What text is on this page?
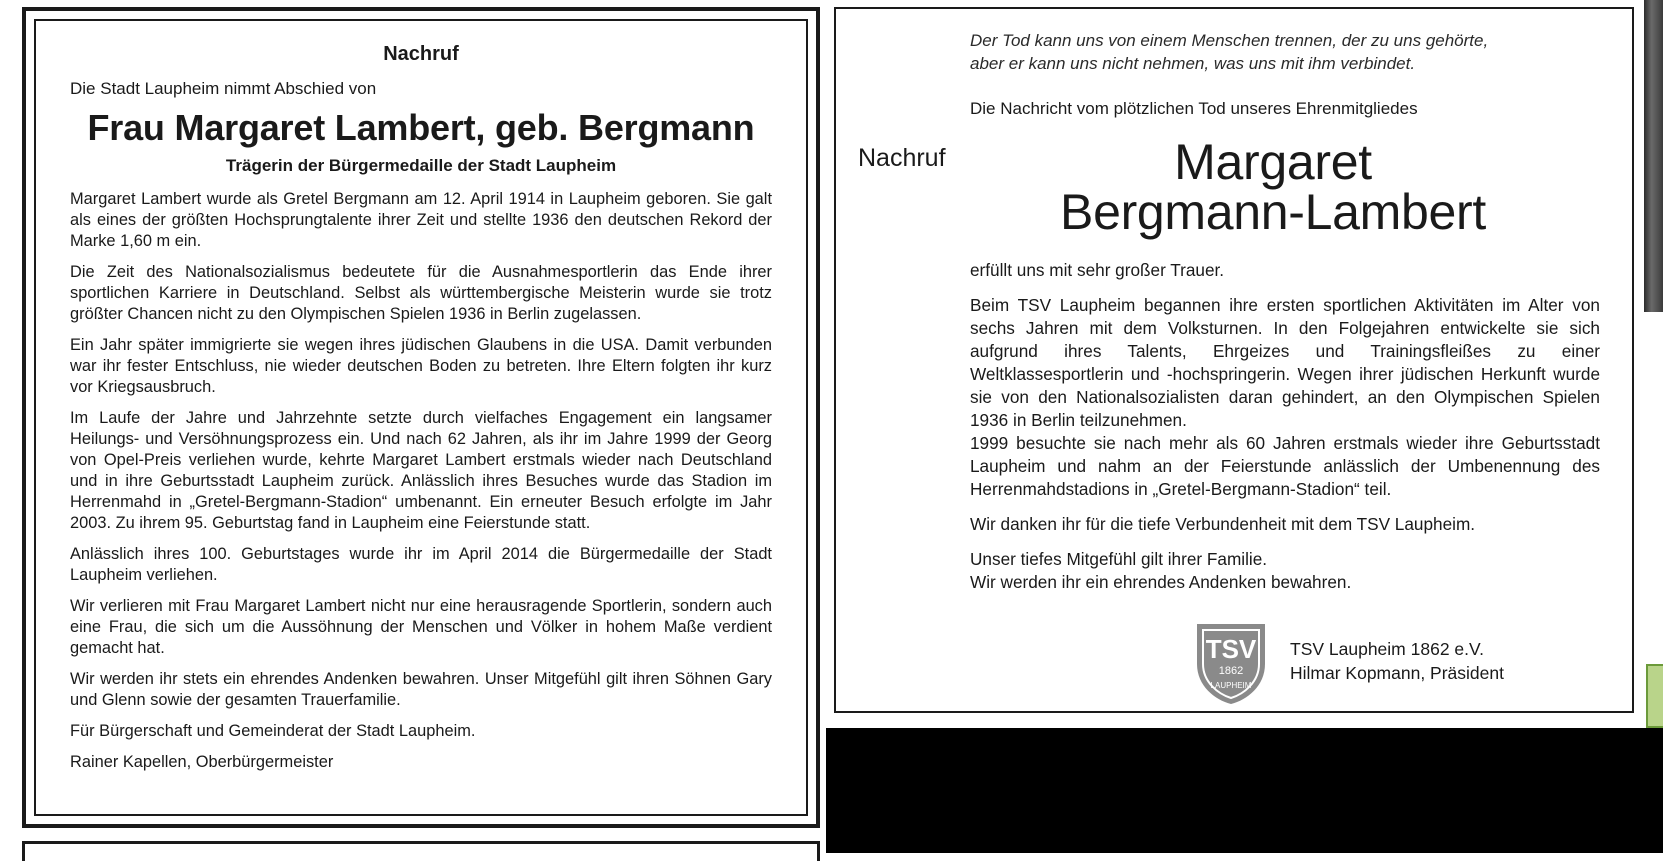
Nachruf
Die Stadt Laupheim nimmt Abschied von
Frau Margaret Lambert, geb. Bergmann
Trägerin der Bürgermedaille der Stadt Laupheim

Margaret Lambert wurde als Gretel Bergmann am 12. April 1914 in Laupheim geboren. Sie galt als eines der größten Hochsprungtalente ihrer Zeit und stellte 1936 den deutschen Rekord der Marke 1,60 m ein.

Die Zeit des Nationalsozialismus bedeutete für die Ausnahmesportlerin das Ende ihrer sportlichen Karriere in Deutschland. Selbst als württembergische Meisterin wurde sie trotz größter Chancen nicht zu den Olympischen Spielen 1936 in Berlin zugelassen.

Ein Jahr später immigrierte sie wegen ihres jüdischen Glaubens in die USA. Damit verbunden war ihr fester Entschluss, nie wieder deutschen Boden zu betreten. Ihre Eltern folgten ihr kurz vor Kriegsausbruch.

Im Laufe der Jahre und Jahrzehnte setzte durch vielfaches Engagement ein langsamer Heilungs- und Versöhnungsprozess ein. Und nach 62 Jahren, als ihr im Jahre 1999 der Georg von Opel-Preis verliehen wurde, kehrte Margaret Lambert erstmals wieder nach Deutschland und in ihre Geburtsstadt Laupheim zurück. Anlässlich ihres Besuches wurde das Stadion im Herrenmahd in „Gretel-Bergmann-Stadion“ umbenannt. Ein erneuter Besuch erfolgte im Jahr 2003. Zu ihrem 95. Geburtstag fand in Laupheim eine Feierstunde statt.

Anlässlich ihres 100. Geburtstages wurde ihr im April 2014 die Bürgermedaille der Stadt Laupheim verliehen.

Wir verlieren mit Frau Margaret Lambert nicht nur eine herausragende Sportlerin, sondern auch eine Frau, die sich um die Aussöhnung der Menschen und Völker in hohem Maße verdient gemacht hat.

Wir werden ihr stets ein ehrendes Andenken bewahren. Unser Mitgefühl gilt ihren Söhnen Gary und Glenn sowie der gesamten Trauerfamilie.

Für Bürgerschaft und Gemeinderat der Stadt Laupheim.

Rainer Kapellen, Oberbürgermeister

Der Tod kann uns von einem Menschen trennen, der zu uns gehörte,
aber er kann uns nicht nehmen, was uns mit ihm verbindet.
Die Nachricht vom plötzlichen Tod unseres Ehrenmitgliedes
Nachruf	Margaret
Bergmann-Lambert

erfüllt uns mit sehr großer Trauer.

Beim TSV Laupheim begannen ihre ersten sportlichen Aktivitäten im Alter von sechs Jahren mit dem Volksturnen. In den Folgejahren entwickelte sie sich aufgrund ihres Talents, Ehrgeizes und Trainingsfleißes zu einer Weltklassesportlerin und -hochspringerin. Wegen ihrer jüdischen Herkunft wurde sie von den Nationalsozialisten daran gehindert, an den Olympischen Spielen 1936 in Berlin teilzunehmen.

1999 besuchte sie nach mehr als 60 Jahren erstmals wieder ihre Geburtsstadt Laupheim und nahm an der Feierstunde anlässlich der Umbenennung des Herrenmahdstadions in „Gretel-Bergmann-Stadion“ teil.

Wir danken ihr für die tiefe Verbundenheit mit dem TSV Laupheim.

Unser tiefes Mitgefühl gilt ihrer Familie.

Wir werden ihr ein ehrendes Andenken bewahren.

TSV
1862
LAUPHEIM
TSV Laupheim 1862 e.V.
Hilmar Kopmann, Präsident
